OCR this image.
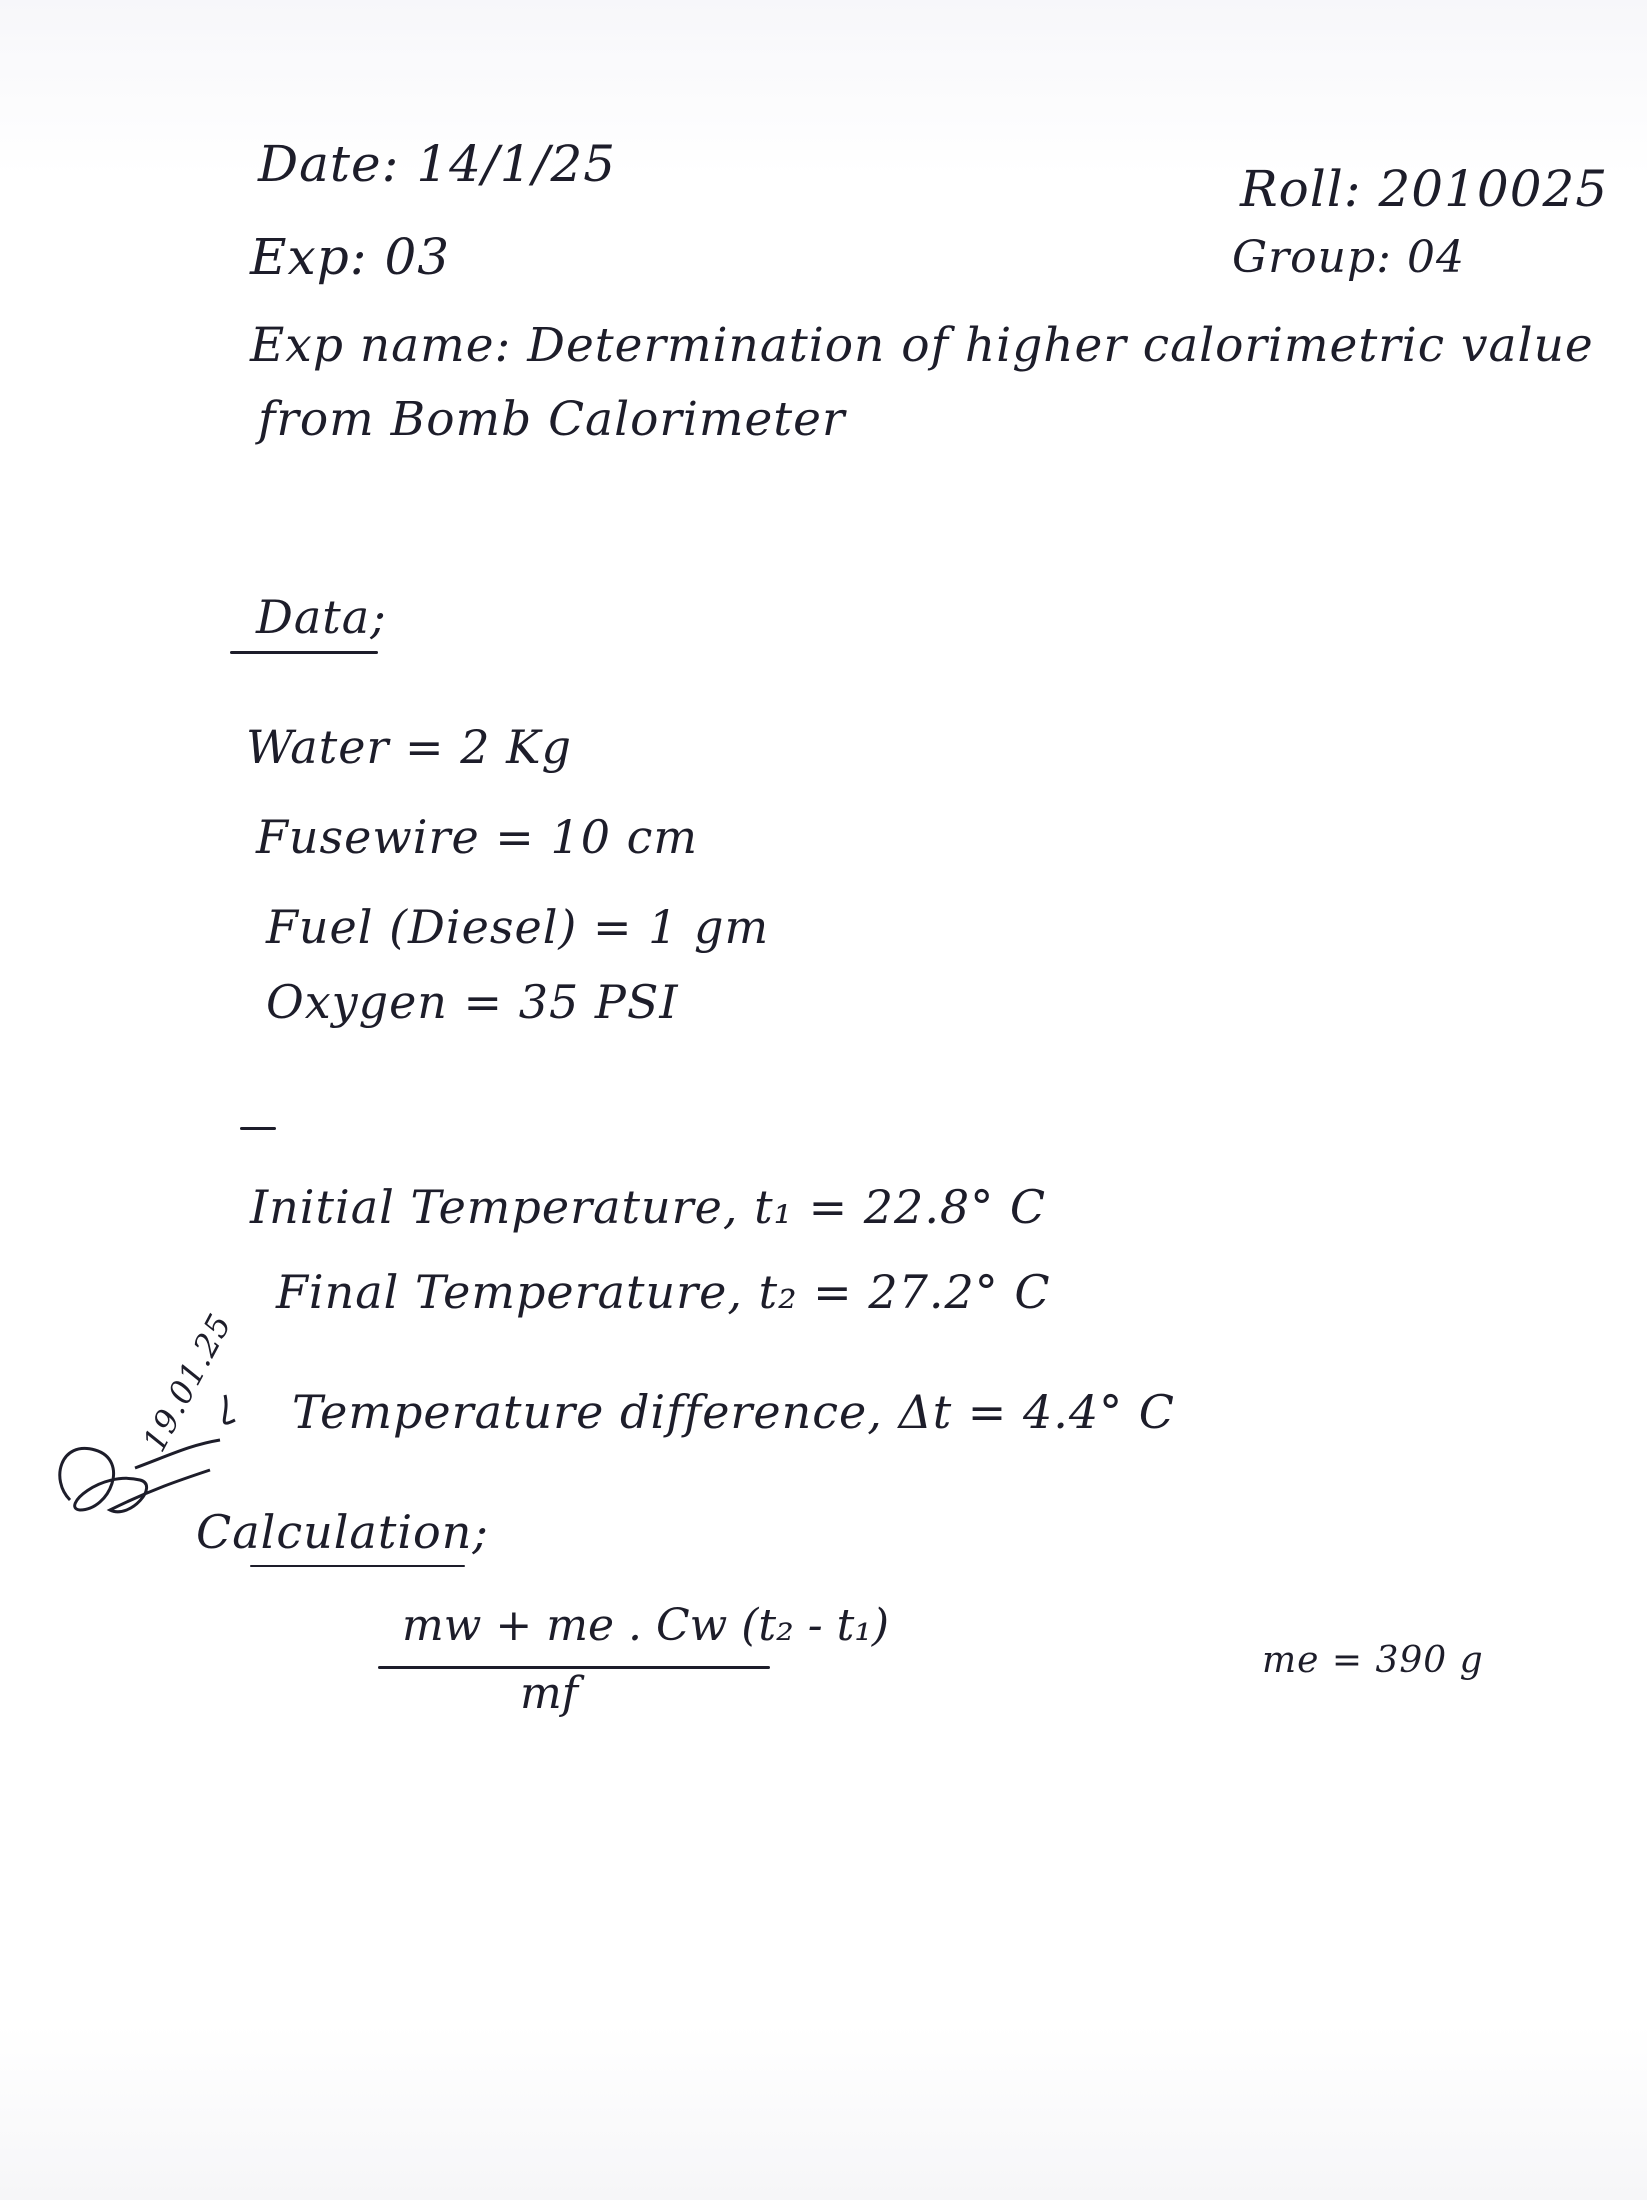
Date: 14/1/25	Roll: 2010025
Exp: 03	Group: 04
Exp name: Determination of higher calorimetric value
from Bomb Calorimeter
Data;
Water = 2 Kg
Fusewire = 10 cm
Fuel (Diesel) = 1 gm
Oxygen = 35 PSI
Initial Temperature, t₁ = 22.8° C
Final Temperature, t₂ = 27.2° C
Temperature difference, Δt = 4.4° C
Calculation;
mw + me . Cw (t₂ - t₁)
mf
me = 390 g
19.01.25
